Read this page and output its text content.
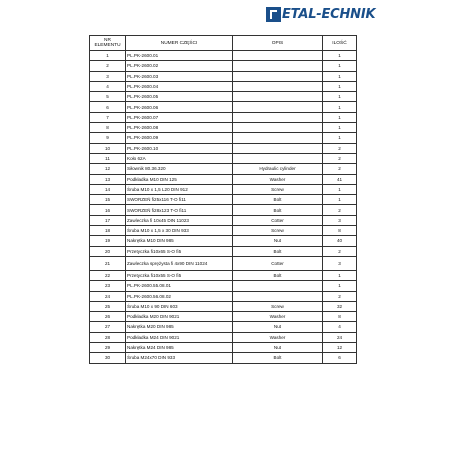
ETAL-ECHNIK
NR ELEMENTU	NUMER CZĘŚCI	OPIS	ILOŚĆ
1	PL.PK-2600.01		1
2	PL.PK-2600.02		1
3	PL.PK-2600.03		1
4	PL.PK-2600.04		1
5	PL.PK-2600.05		1
6	PL.PK-2600.06		1
7	PL.PK-2600.07		1
8	PL.PK-2600.08		1
9	PL.PK-2600.09		1
10	PL.PK-2600.10		2
11	Koło 62A		2
12	Siłownik 80.36.320	Hydraulic cylinder	2
13	Podkładka M10 DIN 125	Washer	41
14	Śruba M10 x 1,5 L20 DIN 912	Screw	1
15	SWORZEŃ fi25x116 T-O fi11	Bolt	1
16	SWORZEŃ fi28x123 T-O fi11	Bolt	2
17	Zawleczka fi 10x45 DIN 11023	Cotter	3
18	Śruba M10 x 1,5 x 30 DIN 933	Screw	8
19	Nakrętka M10 DIN 985	Nut	40
20	Przetyczka fi10x65 S-O fi5	Bolt	2
21	Zawleczka sprężysta fi 4x90 DIN 11024	Cotter	3
22	Przetyczka fi10x55 S-O fi5	Bolt	1
23	PL.PK-2600.55.08.01		1
24	PL.PK-2600.56.08.02		2
25	Śruba M10 x 90 DIN 603	Screw	32
26	Podkładka M20 DIN 9021	Washer	8
27	Nakrętka M20 DIN 985	Nut	4
28	Podkładka M24 DIN 9021	Washer	24
29	Nakrętka M24 DIN 985	Nut	12
30	Śruba M24x70 DIN 933	Bolt	6
